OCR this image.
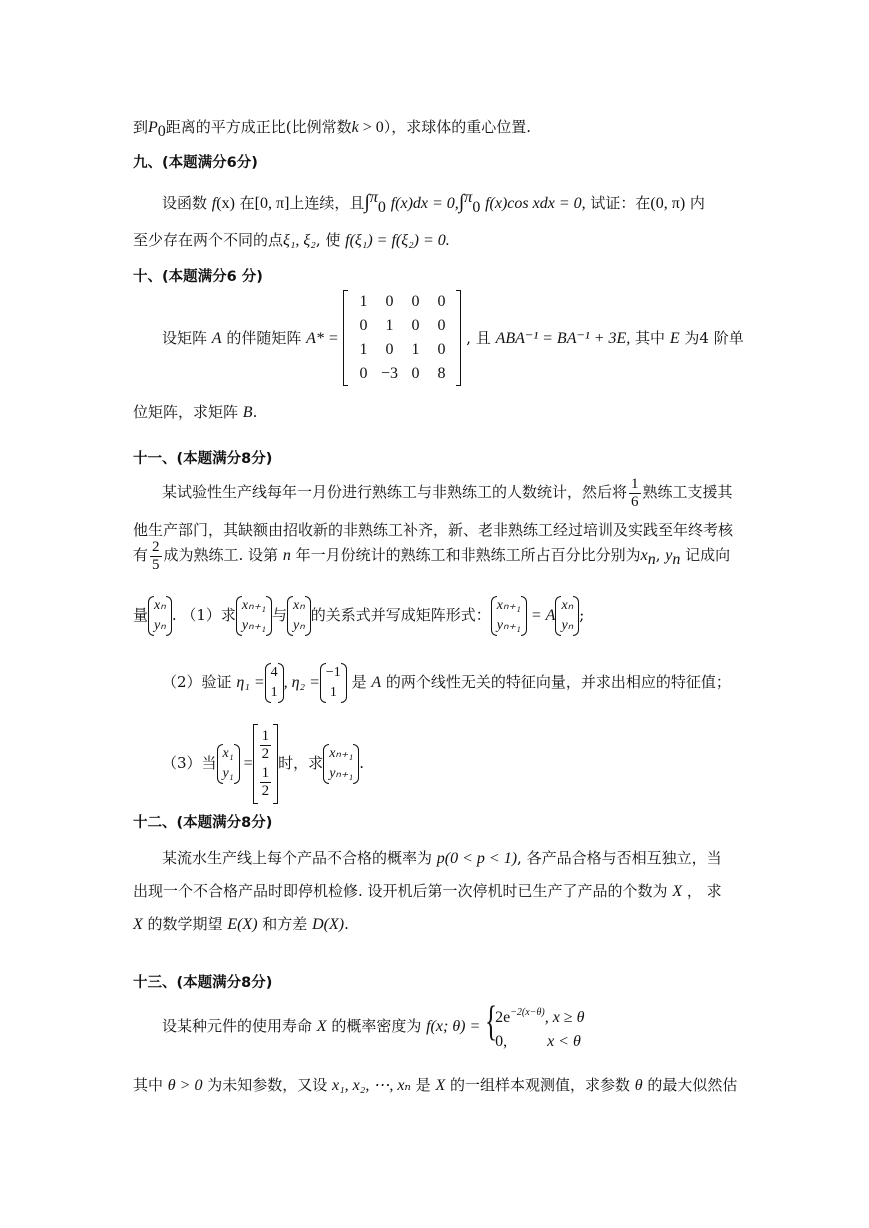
到$P_0$距离的平方成正比(比例常数k > 0），求球体的重心位置.
九、(本题满分6分)
设函数 f(x) 在[0, π]上连续，且∫$^\pi_0$ f(x)dx = 0,∫$^\pi_0$ f(x)cos xdx = 0, 试证：在(0, π) 内
至少存在两个不同的点ξ₁, ξ₂, 使 f(ξ₁) = f(ξ₂) = 0.
十、(本题满分6 分)
设矩阵 A 的伴随矩阵 A* =
1	0	0	0
0	1	0	0
1	0	1	0
0	−3	0	8
, 且 ABA⁻¹ = BA⁻¹ + 3E, 其中 E 为4 阶单
位矩阵，求矩阵 B.
十一、(本题满分8分)
某试验性生产线每年一月份进行熟练工与非熟练工的人数统计，然后将 $\frac{1}{6}$ 熟练工支援其
他生产部门，其缺额由招收新的非熟练工补齐，新、老非熟练工经过培训及实践至年终考核
有 $\frac{2}{5}$ 成为熟练工. 设第 n 年一月份统计的熟练工和非熟练工所占百分比分别为$x_n$, $y_n$ 记成向
量
xₙ
yₙ
. （1）求
xₙ₊₁
yₙ₊₁
与
xₙ
yₙ
的关系式并写成矩阵形式：
xₙ₊₁
yₙ₊₁
= A
xₙ
yₙ
;
（2）验证 η₁ =
4
1
, η₂ =
−1
1
是 A 的两个线性无关的特征向量，并求出相应的特征值；
（3）当
x₁
y₁
=
1
2
1
2
时，求
xₙ₊₁
yₙ₊₁
.
十二、(本题满分8分)
某流水生产线上每个产品不合格的概率为 p(0 < p < 1), 各产品合格与否相互独立，当
出现一个不合格产品时即停机检修. 设开机后第一次停机时已生产了产品的个数为 X ， 求
X 的数学期望 E(X) 和方差 D(X).
十三、(本题满分8分)
设某种元件的使用寿命 X 的概率密度为 f(x; θ) =
{ $2e^{-2(x-\theta)}$, x ≥ θ
0,	x < θ
其中 θ > 0 为未知参数，又设 x₁, x₂, ⋯, xₙ 是 X 的一组样本观测值，求参数 θ 的最大似然估
